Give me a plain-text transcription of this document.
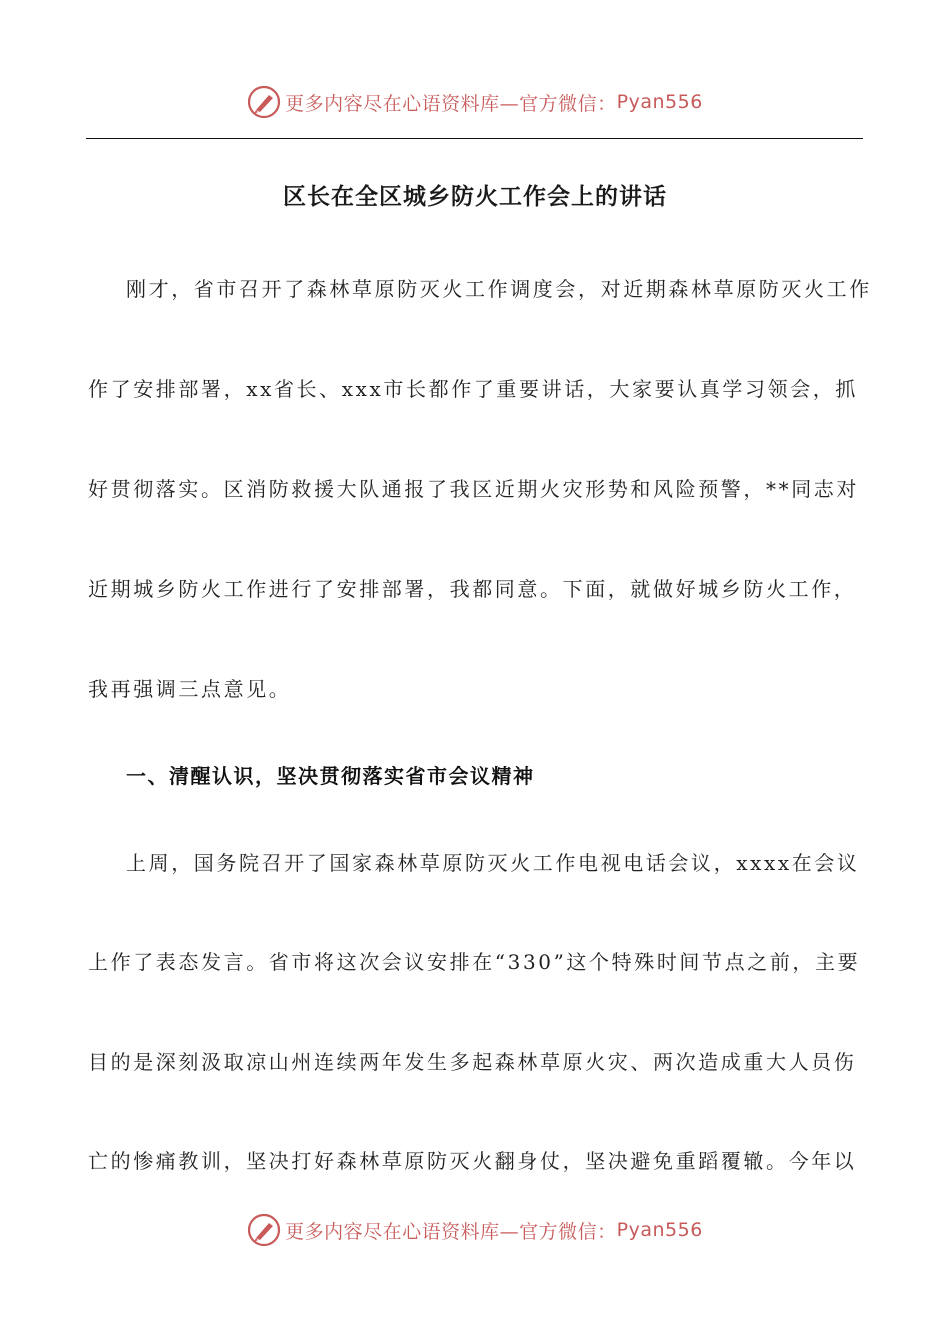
更多内容尽在心语资料库—官方微信： Pyan556
区长在全区城乡防火工作会上的讲话
刚才，省市召开了森林草原防灭火工作调度会，对近期森林草原防灭火工作
作了安排部署，xx省长、xxx市长都作了重要讲话，大家要认真学习领会，抓
好贯彻落实。区消防救援大队通报了我区近期火灾形势和风险预警，**同志对
近期城乡防火工作进行了安排部署，我都同意。下面，就做好城乡防火工作，
我再强调三点意见。
一、清醒认识，坚决贯彻落实省市会议精神
上周，国务院召开了国家森林草原防灭火工作电视电话会议，xxxx在会议
上作了表态发言。省市将这次会议安排在“330”这个特殊时间节点之前，主要
目的是深刻汲取凉山州连续两年发生多起森林草原火灾、两次造成重大人员伤
亡的惨痛教训，坚决打好森林草原防灭火翻身仗，坚决避免重蹈覆辙。今年以
更多内容尽在心语资料库—官方微信： Pyan556
